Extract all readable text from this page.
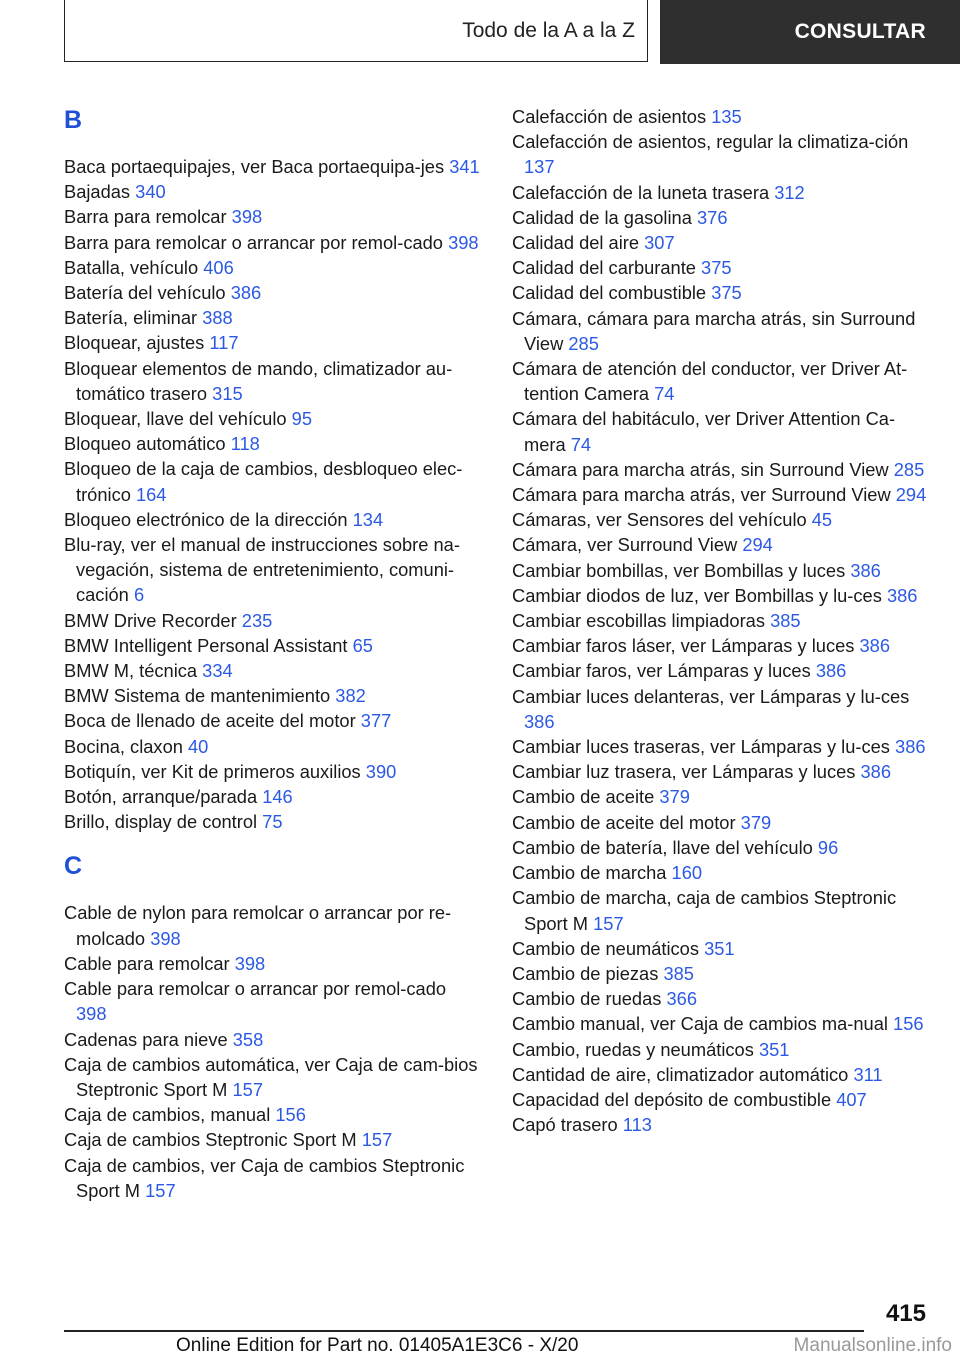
Todo de la A a la Z	CONSULTAR
B
Baca portaequipajes, ver Baca portaequipa-jes 341
Bajadas 340
Barra para remolcar 398
Barra para remolcar o arrancar por remol-cado 398
Batalla, vehículo 406
Batería del vehículo 386
Batería, eliminar 388
Bloquear, ajustes 117
Bloquear elementos de mando, climatizador au-tomático trasero 315
Bloquear, llave del vehículo 95
Bloqueo automático 118
Bloqueo de la caja de cambios, desbloqueo elec-trónico 164
Bloqueo electrónico de la dirección 134
Blu-ray, ver el manual de instrucciones sobre na-vegación, sistema de entretenimiento, comuni-cación 6
BMW Drive Recorder 235
BMW Intelligent Personal Assistant 65
BMW M, técnica 334
BMW Sistema de mantenimiento 382
Boca de llenado de aceite del motor 377
Bocina, claxon 40
Botiquín, ver Kit de primeros auxilios 390
Botón, arranque/parada 146
Brillo, display de control 75
C
Cable de nylon para remolcar o arrancar por re-molcado 398
Cable para remolcar 398
Cable para remolcar o arrancar por remol-cado 398
Cadenas para nieve 358
Caja de cambios automática, ver Caja de cam-bios Steptronic Sport M 157
Caja de cambios, manual 156
Caja de cambios Steptronic Sport M 157
Caja de cambios, ver Caja de cambios Steptronic Sport M 157
Calefacción de asientos 135
Calefacción de asientos, regular la climatiza-ción 137
Calefacción de la luneta trasera 312
Calidad de la gasolina 376
Calidad del aire 307
Calidad del carburante 375
Calidad del combustible 375
Cámara, cámara para marcha atrás, sin Surround View 285
Cámara de atención del conductor, ver Driver At-tention Camera 74
Cámara del habitáculo, ver Driver Attention Ca-mera 74
Cámara para marcha atrás, sin Surround View 285
Cámara para marcha atrás, ver Surround View 294
Cámaras, ver Sensores del vehículo 45
Cámara, ver Surround View 294
Cambiar bombillas, ver Bombillas y luces 386
Cambiar diodos de luz, ver Bombillas y lu-ces 386
Cambiar escobillas limpiadoras 385
Cambiar faros láser, ver Lámparas y luces 386
Cambiar faros, ver Lámparas y luces 386
Cambiar luces delanteras, ver Lámparas y lu-ces 386
Cambiar luces traseras, ver Lámparas y lu-ces 386
Cambiar luz trasera, ver Lámparas y luces 386
Cambio de aceite 379
Cambio de aceite del motor 379
Cambio de batería, llave del vehículo 96
Cambio de marcha 160
Cambio de marcha, caja de cambios Steptronic Sport M 157
Cambio de neumáticos 351
Cambio de piezas 385
Cambio de ruedas 366
Cambio manual, ver Caja de cambios ma-nual 156
Cambio, ruedas y neumáticos 351
Cantidad de aire, climatizador automático 311
Capacidad del depósito de combustible 407
Capó trasero 113
415
Online Edition for Part no. 01405A1E3C6 - X/20	Manualsonline.info
